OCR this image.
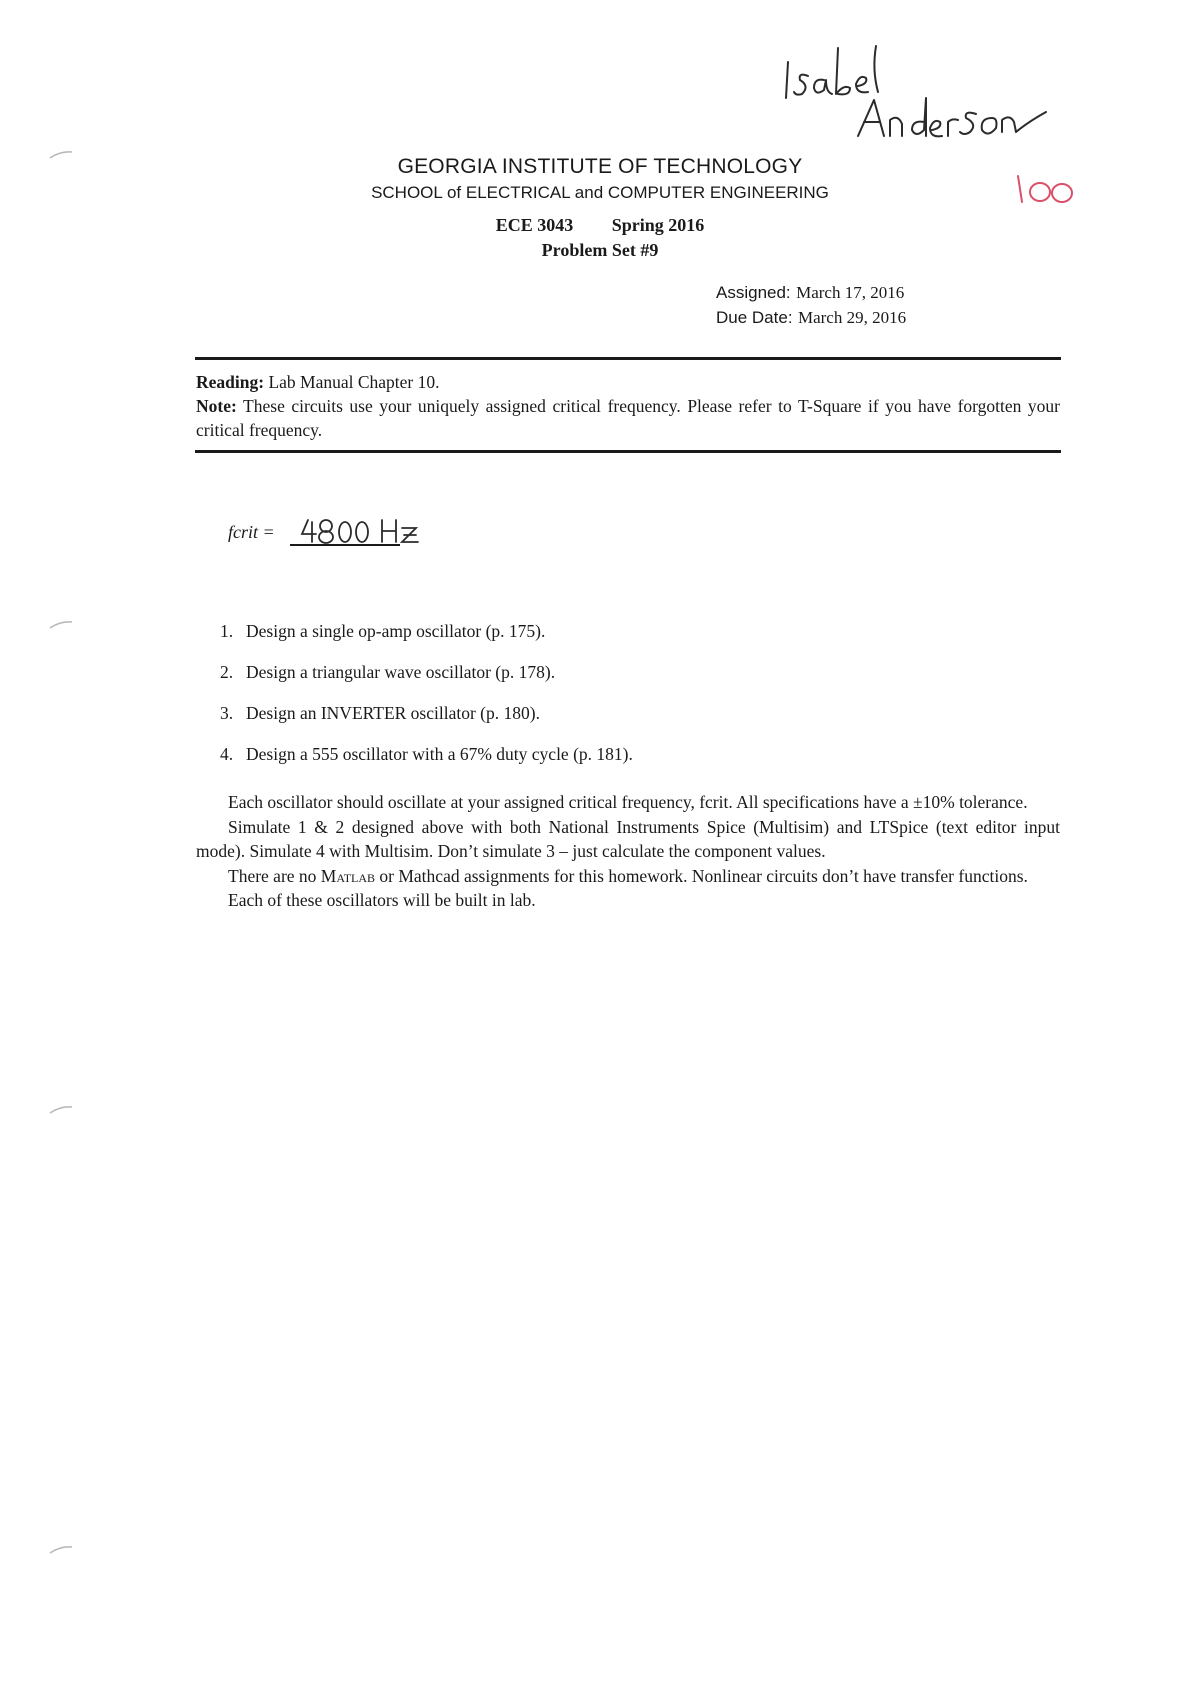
GEORGIA INSTITUTE OF TECHNOLOGY
SCHOOL of ELECTRICAL and COMPUTER ENGINEERING
ECE 3043 Spring 2016
Problem Set #9
Assigned: March 17, 2016
Due Date: March 29, 2016
Reading: Lab Manual Chapter 10.
Note: These circuits use your uniquely assigned critical frequency. Please refer to T-Square if you have forgotten your critical frequency.
fcrit =
1. Design a single op-amp oscillator (p. 175).
2. Design a triangular wave oscillator (p. 178).
3. Design an INVERTER oscillator (p. 180).
4. Design a 555 oscillator with a 67% duty cycle (p. 181).

Each oscillator should oscillate at your assigned critical frequency, fcrit. All specifications have a ±10% tolerance.

Simulate 1 & 2 designed above with both National Instruments Spice (Multisim) and LTSpice (text editor input mode). Simulate 4 with Multisim. Don’t simulate 3 – just calculate the component values.

There are no Matlab or Mathcad assignments for this homework. Nonlinear circuits don’t have transfer functions.

Each of these oscillators will be built in lab.
